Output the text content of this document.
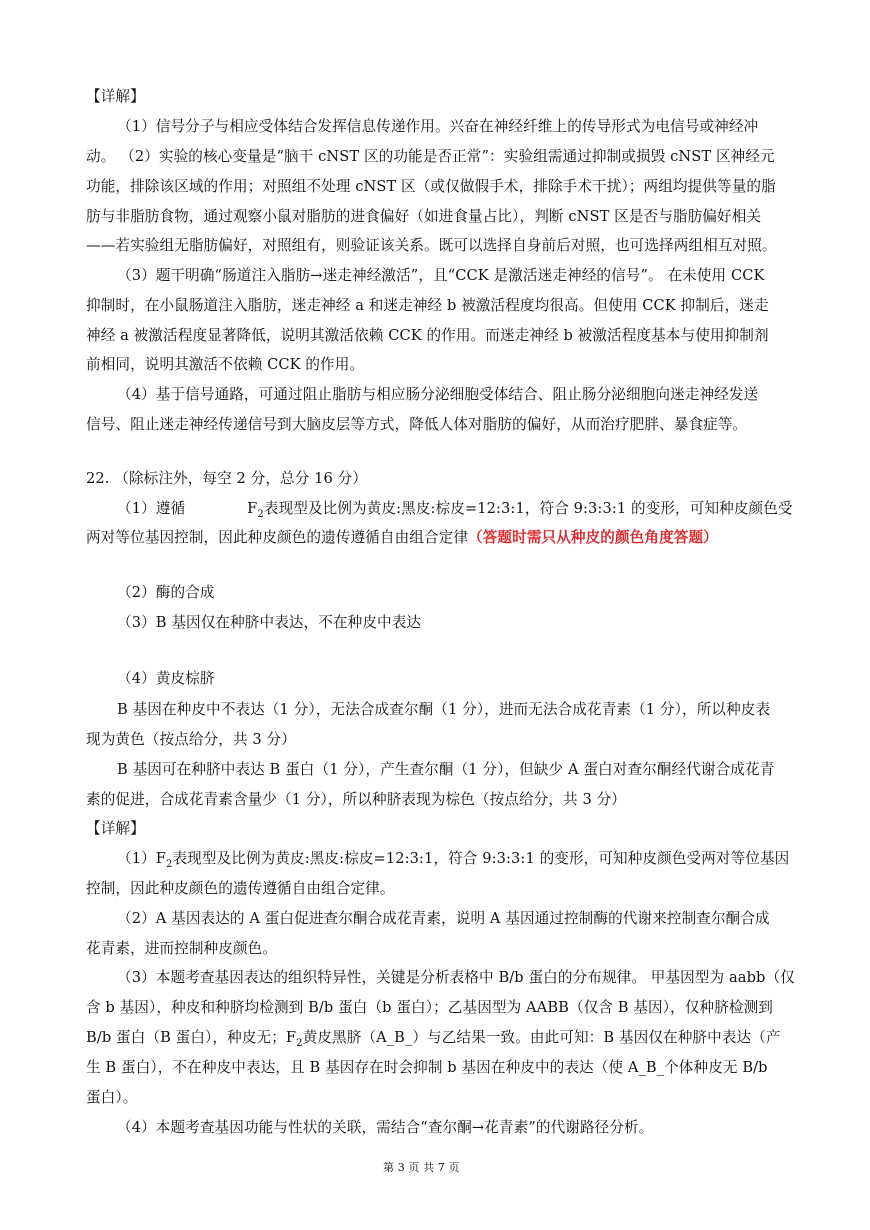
【详解】
（1）信号分子与相应受体结合发挥信息传递作用。兴奋在神经纤维上的传导形式为电信号或神经冲
动。 （2）实验的核心变量是“脑干 cNST 区的功能是否正常”：实验组需通过抑制或损毁 cNST 区神经元
功能，排除该区域的作用；对照组不处理 cNST 区（或仅做假手术，排除手术干扰）；两组均提供等量的脂
肪与非脂肪食物，通过观察小鼠对脂肪的进食偏好（如进食量占比），判断 cNST 区是否与脂肪偏好相关
——若实验组无脂肪偏好，对照组有，则验证该关系。既可以选择自身前后对照，也可选择两组相互对照。
（3）题干明确“肠道注入脂肪→迷走神经激活”，且“CCK 是激活迷走神经的信号”。 在未使用 CCK
抑制时，在小鼠肠道注入脂肪，迷走神经 a 和迷走神经 b 被激活程度均很高。但使用 CCK 抑制后，迷走
神经 a 被激活程度显著降低，说明其激活依赖 CCK 的作用。而迷走神经 b 被激活程度基本与使用抑制剂
前相同，说明其激活不依赖 CCK 的作用。
（4）基于信号通路，可通过阻止脂肪与相应肠分泌细胞受体结合、阻止肠分泌细胞向迷走神经发送
信号、阻止迷走神经传递信号到大脑皮层等方式，降低人体对脂肪的偏好，从而治疗肥胖、暴食症等。
22. （除标注外，每空 2 分，总分 16 分）
（1）遵循	$F_2$表现型及比例为黄皮:黑皮:棕皮=12:3:1，符合 9:3:3:1 的变形，可知种皮颜色受
两对等位基因控制，因此种皮颜色的遗传遵循自由组合定律（答题时需只从种皮的颜色角度答题）
（2）酶的合成
（3）B 基因仅在种脐中表达，不在种皮中表达
（4）黄皮棕脐
B 基因在种皮中不表达（1 分），无法合成查尔酮（1 分），进而无法合成花青素（1 分），所以种皮表
现为黄色（按点给分，共 3 分）
B 基因可在种脐中表达 B 蛋白（1 分），产生查尔酮（1 分），但缺少 A 蛋白对查尔酮经代谢合成花青
素的促进，合成花青素含量少（1 分），所以种脐表现为棕色（按点给分，共 3 分）
【详解】
$(1)F_2$表现型及比例为黄皮:黑皮:棕皮=12:3:1，符合 9:3:3:1 的变形，可知种皮颜色受两对等位基因
控制，因此种皮颜色的遗传遵循自由组合定律。
（2）A 基因表达的 A 蛋白促进查尔酮合成花青素，说明 A 基因通过控制酶的代谢来控制查尔酮合成
花青素，进而控制种皮颜色。
（3）本题考查基因表达的组织特异性，关键是分析表格中 B/b 蛋白的分布规律。 甲基因型为 aabb（仅
含 b 基因），种皮和种脐均检测到 B/b 蛋白（b 蛋白）；乙基因型为 AABB（仅含 B 基因），仅种脐检测到
B/b 蛋白（B 蛋白），种皮无；$F_2$黄皮黑脐（A_B_）与乙结果一致。由此可知：B 基因仅在种脐中表达（产
生 B 蛋白），不在种皮中表达，且 B 基因存在时会抑制 b 基因在种皮中的表达（使 A_B_个体种皮无 B/b
蛋白）。
（4）本题考查基因功能与性状的关联，需结合“查尔酮→花青素”的代谢路径分析。
第 3 页 共 7 页
